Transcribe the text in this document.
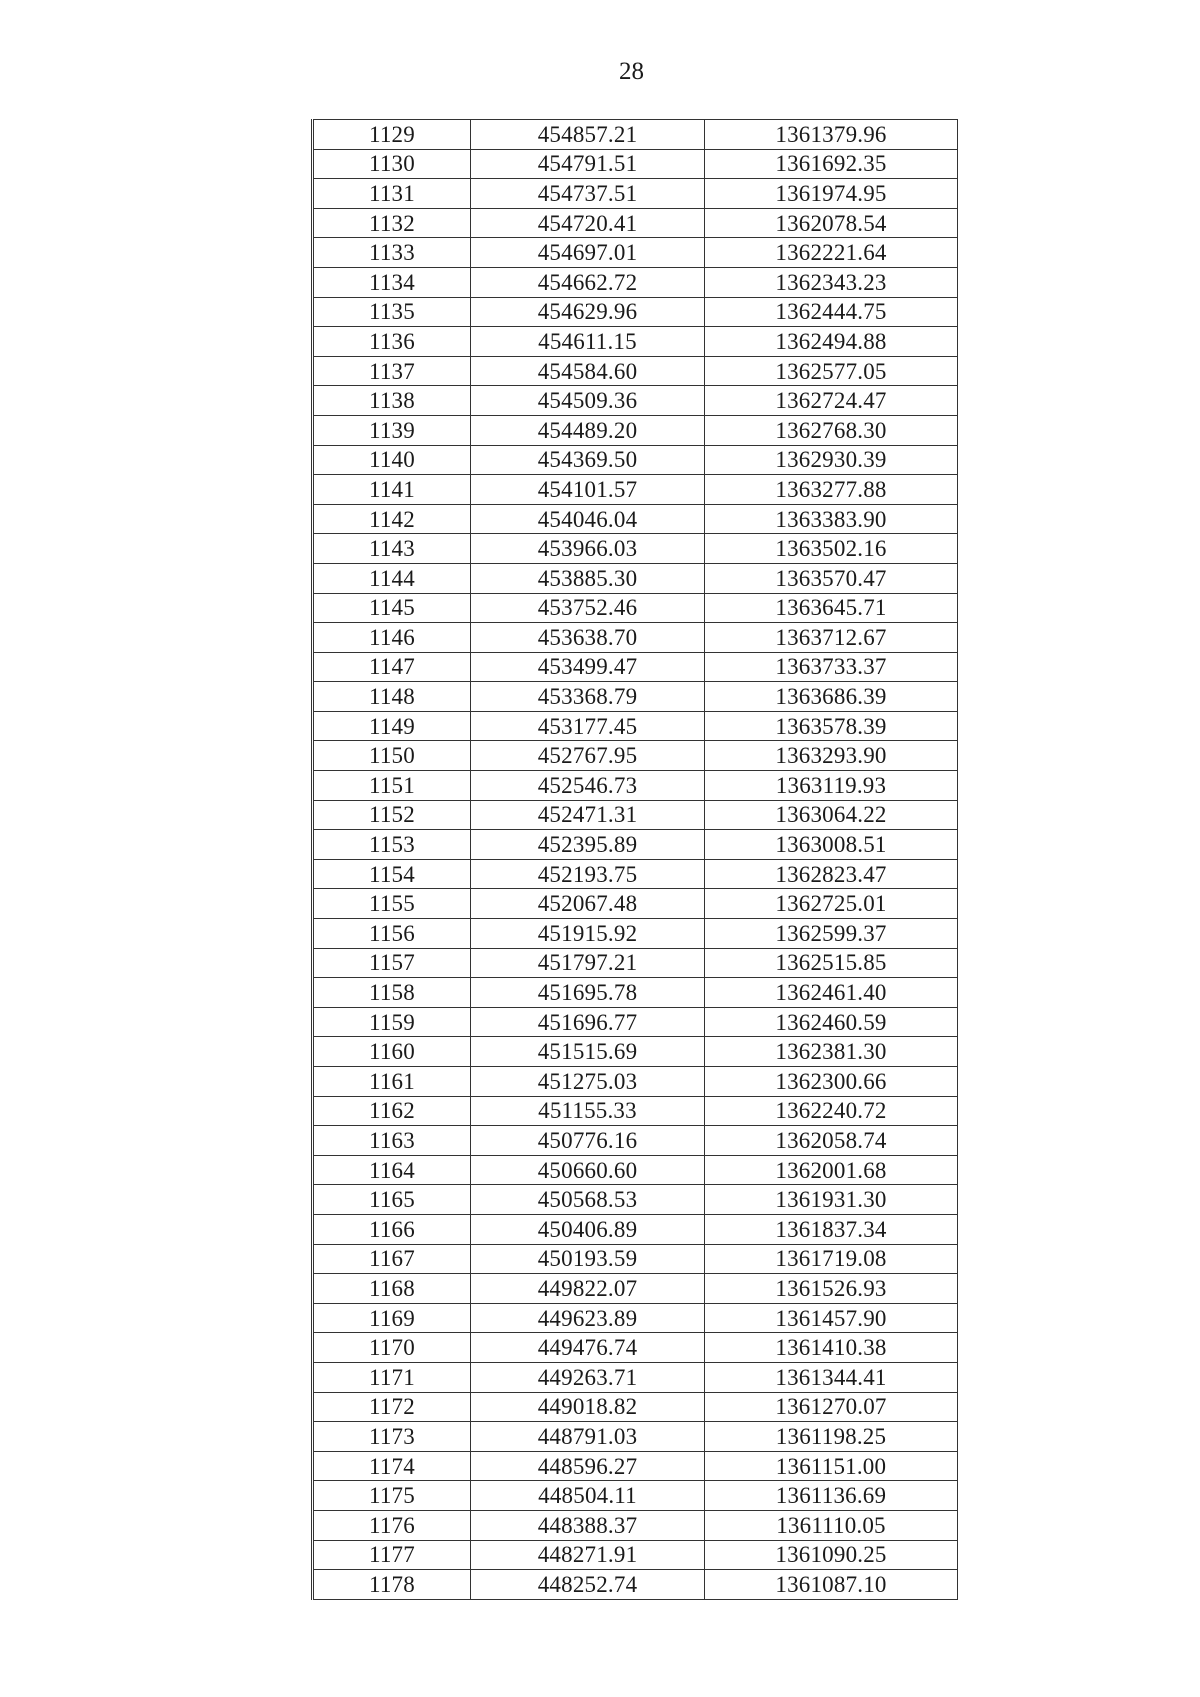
28
1129	454857.21	1361379.96
1130	454791.51	1361692.35
1131	454737.51	1361974.95
1132	454720.41	1362078.54
1133	454697.01	1362221.64
1134	454662.72	1362343.23
1135	454629.96	1362444.75
1136	454611.15	1362494.88
1137	454584.60	1362577.05
1138	454509.36	1362724.47
1139	454489.20	1362768.30
1140	454369.50	1362930.39
1141	454101.57	1363277.88
1142	454046.04	1363383.90
1143	453966.03	1363502.16
1144	453885.30	1363570.47
1145	453752.46	1363645.71
1146	453638.70	1363712.67
1147	453499.47	1363733.37
1148	453368.79	1363686.39
1149	453177.45	1363578.39
1150	452767.95	1363293.90
1151	452546.73	1363119.93
1152	452471.31	1363064.22
1153	452395.89	1363008.51
1154	452193.75	1362823.47
1155	452067.48	1362725.01
1156	451915.92	1362599.37
1157	451797.21	1362515.85
1158	451695.78	1362461.40
1159	451696.77	1362460.59
1160	451515.69	1362381.30
1161	451275.03	1362300.66
1162	451155.33	1362240.72
1163	450776.16	1362058.74
1164	450660.60	1362001.68
1165	450568.53	1361931.30
1166	450406.89	1361837.34
1167	450193.59	1361719.08
1168	449822.07	1361526.93
1169	449623.89	1361457.90
1170	449476.74	1361410.38
1171	449263.71	1361344.41
1172	449018.82	1361270.07
1173	448791.03	1361198.25
1174	448596.27	1361151.00
1175	448504.11	1361136.69
1176	448388.37	1361110.05
1177	448271.91	1361090.25
1178	448252.74	1361087.10
